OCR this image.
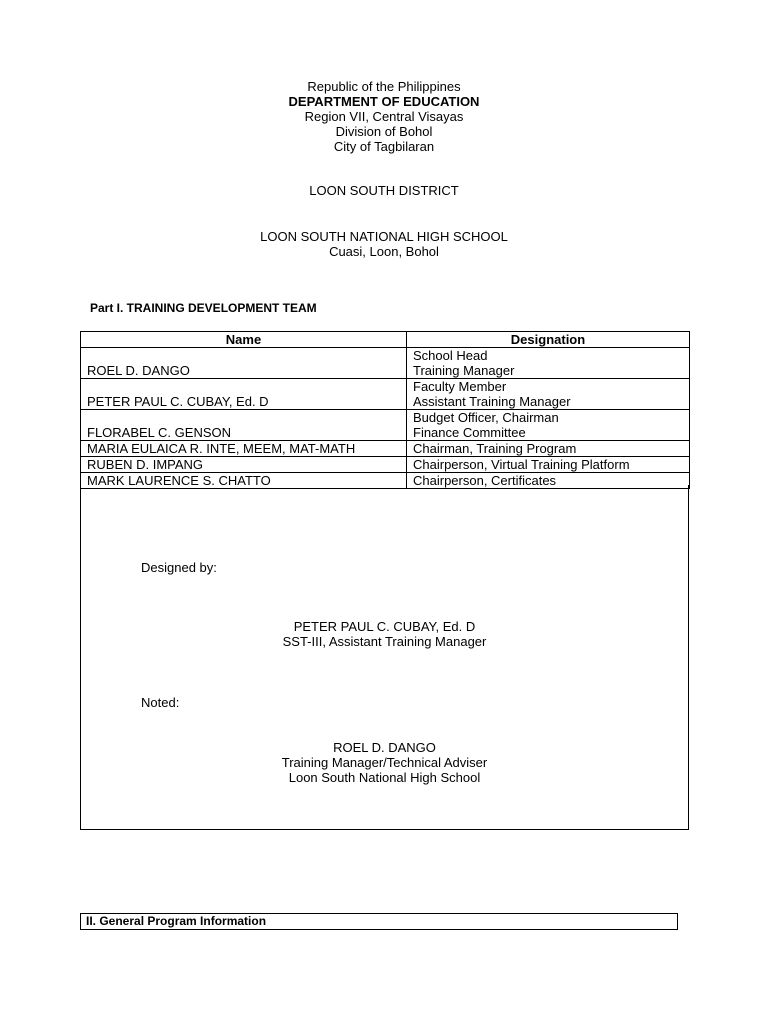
Republic of the Philippines
DEPARTMENT OF EDUCATION
Region VII, Central Visayas
Division of Bohol
City of Tagbilaran
LOON SOUTH DISTRICT
LOON SOUTH NATIONAL HIGH SCHOOL
Cuasi, Loon, Bohol
Part I. TRAINING DEVELOPMENT TEAM
Name	Designation
ROEL D. DANGO	School Head
Training Manager

PETER PAUL C. CUBAY, Ed. D	Faculty Member
Assistant Training Manager

FLORABEL C. GENSON	Budget Officer, Chairman
Finance Committee

MARIA EULAICA R. INTE, MEEM, MAT-MATH	Chairman, Training Program
RUBEN D. IMPANG	Chairperson, Virtual Training Platform
MARK LAURENCE S. CHATTO	Chairperson, Certificates
Designed by:
PETER PAUL C. CUBAY, Ed. D
SST-III, Assistant Training Manager
Noted:
ROEL D. DANGO
Training Manager/Technical Adviser
Loon South National High School
II. General Program Information
